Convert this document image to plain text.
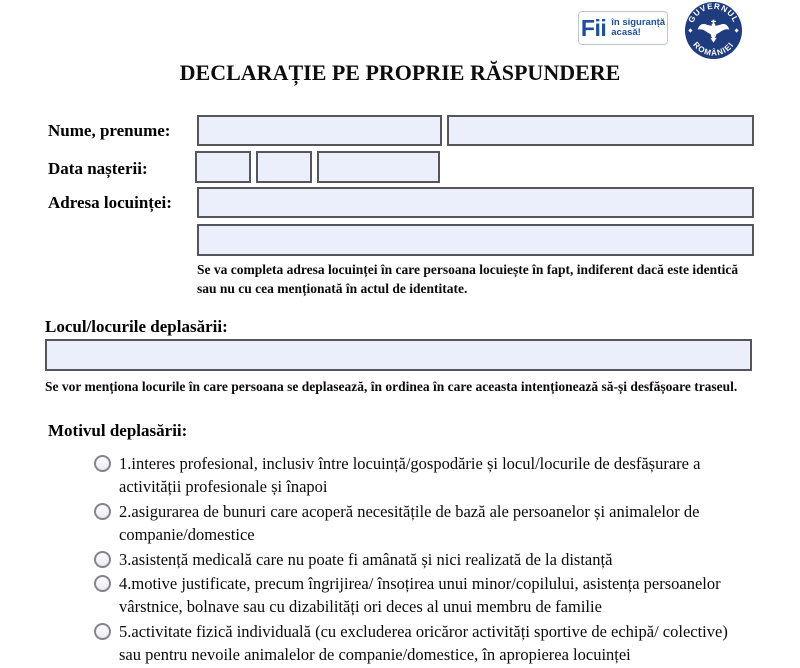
Fii în siguranță
acasă!
GUVERNUL
ROMÂNIEI
DECLARAȚIE PE PROPRIE RĂSPUNDERE
Nume, prenume:
Data nașterii:
Adresa locuinței:
Se va completa adresa locuinței în care persoana locuiește în fapt, indiferent dacă este identică
sau nu cu cea menționată în actul de identitate.
Locul/locurile deplasării:
Se vor menționa locurile în care persoana se deplasează, în ordinea în care aceasta intenționează să-și desfășoare traseul.
Motivul deplasării:
1.interes profesional, inclusiv între locuință/gospodărie și locul/locurile de desfășurare a
activității profesionale și înapoi
2.asigurarea de bunuri care acoperă necesitățile de bază ale persoanelor și animalelor de
companie/domestice
3.asistență medicală care nu poate fi amânată și nici realizată de la distanță
4.motive justificate, precum îngrijirea/ însoțirea unui minor/copilului, asistența persoanelor
vârstnice, bolnave sau cu dizabilități ori deces al unui membru de familie
5.activitate fizică individuală (cu excluderea oricăror activități sportive de echipă/ colective)
sau pentru nevoile animalelor de companie/domestice, în apropierea locuinței
